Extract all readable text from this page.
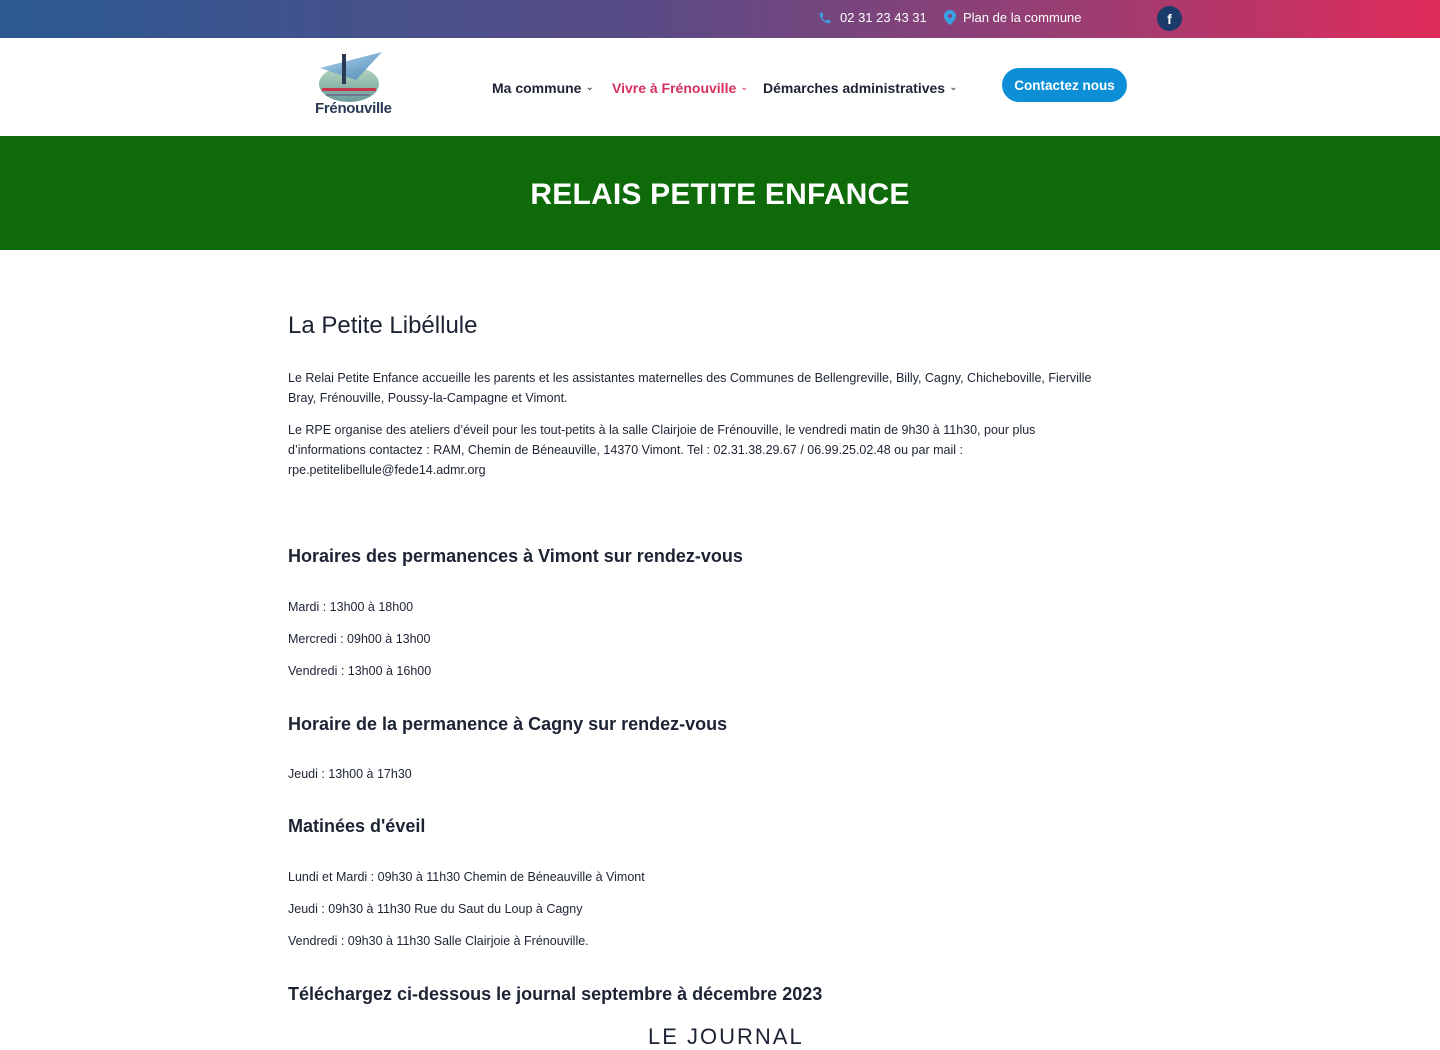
02 31 23 43 31	Plan de la commune	f
Frénouville
Ma commune ⌄ Vivre à Frénouville ⌄ Démarches administratives ⌄	Contactez nous
RELAIS PETITE ENFANCE
La Petite Libéllule

Le Relai Petite Enfance accueille les parents et les assistantes maternelles des Communes de Bellengreville, Billy, Cagny, Chicheboville, Fierville Bray, Frénouville, Poussy-la-Campagne et Vimont.

Le RPE organise des ateliers d’éveil pour les tout-petits à la salle Clairjoie de Frénouville, le vendredi matin de 9h30 à 11h30, pour plus d’informations contactez : RAM, Chemin de Béneauville, 14370 Vimont. Tel : 02.31.38.29.67 / 06.99.25.02.48 ou par mail : rpe.petitelibellule@fede14.admr.org

Horaires des permanences à Vimont sur rendez-vous

Mardi : 13h00 à 18h00

Mercredi : 09h00 à 13h00

Vendredi : 13h00 à 16h00

Horaire de la permanence à Cagny sur rendez-vous

Jeudi : 13h00 à 17h30

Matinées d'éveil

Lundi et Mardi : 09h30 à 11h30 Chemin de Béneauville à Vimont

Jeudi : 09h30 à 11h30 Rue du Saut du Loup à Cagny

Vendredi : 09h30 à 11h30 Salle Clairjoie à Frénouville.

Téléchargez ci-dessous le journal septembre à décembre 2023
LE JOURNAL
